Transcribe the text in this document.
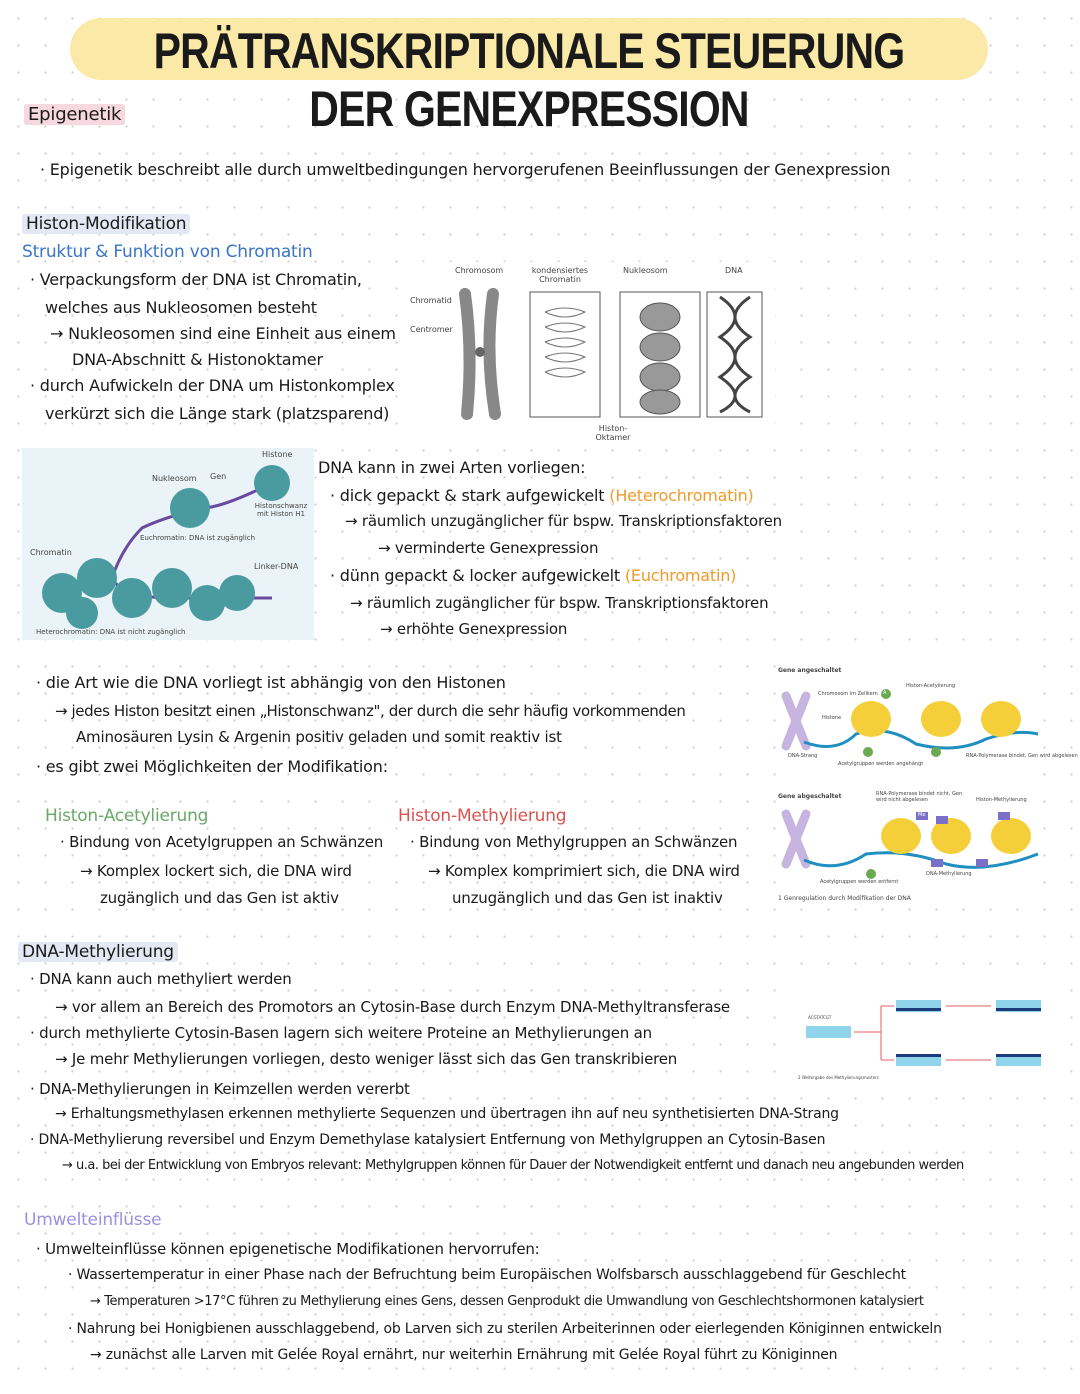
PRÄTRANSKRIPTIONALE STEUERUNG DER GENEXPRESSION
Epigenetik
· Epigenetik beschreibt alle durch umweltbedingungen hervorgerufenen Beeinflussungen der Genexpression
Histon-Modifikation
Struktur & Funktion von Chromatin
· Verpackungsform der DNA ist Chromatin,
welches aus Nukleosomen besteht
→ Nukleosomen sind eine Einheit aus einem
DNA-Abschnitt & Histonoktamer
· durch Aufwickeln der DNA um Histonkomplex
verkürzt sich die Länge stark (platzsparend)
Chromosom	kondensiertes Chromatin
Nukleosom	DNA
Chromatid
Centromer
Histon-Oktamer
Histone
Nukleosom Gen
Histonschwanz mit Histon H1
Euchromatin: DNA ist zugänglich
Chromatin
Linker-DNA
Heterochromatin: DNA ist nicht zugänglich
DNA kann in zwei Arten vorliegen:
· dick gepackt & stark aufgewickelt (Heterochromatin)
→ räumlich unzugänglicher für bspw. Transkriptionsfaktoren
→ verminderte Genexpression
· dünn gepackt & locker aufgewickelt (Euchromatin)
→ räumlich zugänglicher für bspw. Transkriptionsfaktoren
→ erhöhte Genexpression
· die Art wie die DNA vorliegt ist abhängig von den Histonen
→ jedes Histon besitzt einen „Histonschwanz", der durch die sehr häufig vorkommenden
Aminosäuren Lysin & Argenin positiv geladen und somit reaktiv ist
· es gibt zwei Möglichkeiten der Modifikation:
Histon-Acetylierung
· Bindung von Acetylgruppen an Schwänzen
→ Komplex lockert sich, die DNA wird
zugänglich und das Gen ist aktiv
Histon-Methylierung
· Bindung von Methylgruppen an Schwänzen
→ Komplex komprimiert sich, die DNA wird
unzugänglich und das Gen ist inaktiv
Gene angeschaltet
Gene abgeschaltet
Chromosom im Zellkern
Histone
Histon-Acetylierung
DNA-Strang
Acetylgruppen werden angehängt
RNA-Polymerase bindet, Gen wird abgelesen
RNA-Polymerase bindet nicht, Gen wird nicht abgelesen	Histon-Methylierung
DNA-Methylierung
Acetylgruppen werden entfernt
1 Genregulation durch Modifikation der DNA
Me
A
DNA-Methylierung
· DNA kann auch methyliert werden
→ vor allem an Bereich des Promotors an Cytosin-Base durch Enzym DNA-Methyltransferase
· durch methylierte Cytosin-Basen lagern sich weitere Proteine an Methylierungen an
→ Je mehr Methylierungen vorliegen, desto weniger lässt sich das Gen transkribieren
· DNA-Methylierungen in Keimzellen werden vererbt
→ Erhaltungsmethylasen erkennen methylierte Sequenzen und übertragen ihn auf neu synthetisierten DNA-Strang
· DNA-Methylierung reversibel und Enzym Demethylase katalysiert Entfernung von Methylgruppen an Cytosin-Basen
→ u.a. bei der Entwicklung von Embryos relevant: Methylgruppen können für Dauer der Notwendigkeit entfernt und danach neu angebunden werden
ACGTATCGT
2 Weitergabe des Methylierungsmusters
Umwelteinflüsse
· Umwelteinflüsse können epigenetische Modifikationen hervorrufen:
· Wassertemperatur in einer Phase nach der Befruchtung beim Europäischen Wolfsbarsch ausschlaggebend für Geschlecht
→ Temperaturen >17°C führen zu Methylierung eines Gens, dessen Genprodukt die Umwandlung von Geschlechtshormonen katalysiert
· Nahrung bei Honigbienen ausschlaggebend, ob Larven sich zu sterilen Arbeiterinnen oder eierlegenden Königinnen entwickeln
→ zunächst alle Larven mit Gelée Royal ernährt, nur weiterhin Ernährung mit Gelée Royal führt zu Königinnen
